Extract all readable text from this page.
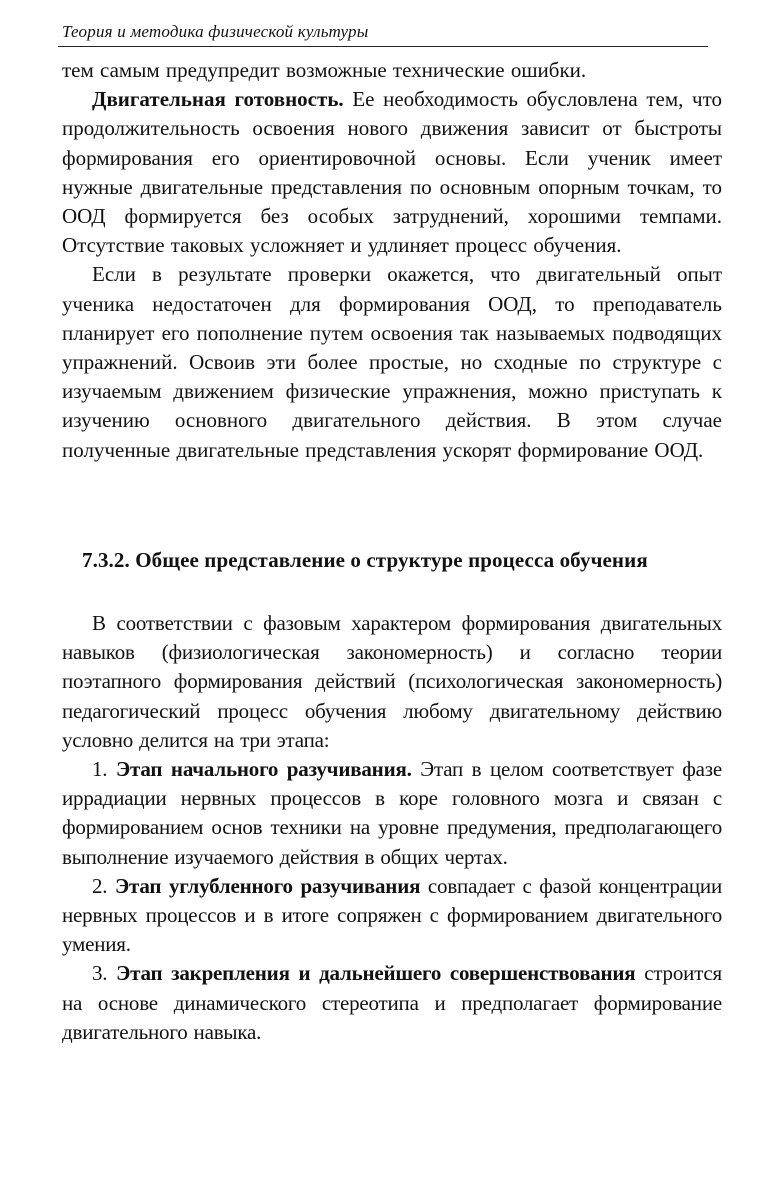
Теория и методика физической культуры

тем самым предупредит возможные технические ошибки.

Двигательная готовность. Ее необходимость обусловлена тем, что продолжительность освоения нового движения зависит от быстроты формирования его ориентировочной основы. Если ученик имеет нужные двигательные представления по основным опорным точкам, то ООД формируется без особых затруднений, хорошими темпами. Отсутствие таковых усложняет и удлиняет процесс обучения.

Если в результате проверки окажется, что двигательный опыт ученика недостаточен для формирования ООД, то преподаватель планирует его пополнение путем освоения так называемых подводящих упражнений. Освоив эти более простые, но сходные по структуре с изучаемым движением физические упражнения, можно приступать к изучению основного двигательного действия. В этом случае полученные двигательные представления ускорят формирование ООД.

7.3.2. Общее представление о структуре процесса обучения

В соответствии с фазовым характером формирования двигательных навыков (физиологическая закономерность) и согласно теории поэтапного формирования действий (психологическая закономерность) педагогический процесс обучения любому двигательному действию условно делится на три этапа:

1. Этап начального разучивания. Этап в целом соответствует фазе иррадиации нервных процессов в коре головного мозга и связан с формированием основ техники на уровне предумения, предполагающего выполнение изучаемого действия в общих чертах.

2. Этап углубленного разучивания совпадает с фазой концентрации нервных процессов и в итоге сопряжен с формированием двигательного умения.

3. Этап закрепления и дальнейшего совершенствования строится на основе динамического стереотипа и предполагает формирование двигательного навыка.
